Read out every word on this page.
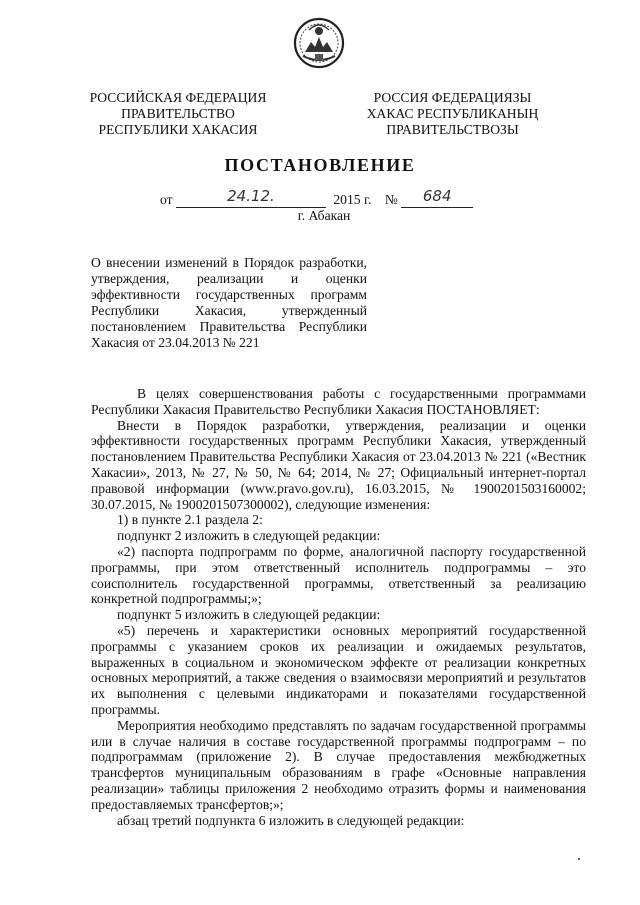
РОССИЙСКАЯ ФЕДЕРАЦИЯ
ПРАВИТЕЛЬСТВО
РЕСПУБЛИКИ ХАКАСИЯ
РОССИЯ ФЕДЕРАЦИЯЗЫ
ХАКАС РЕСПУБЛИКАНЫҢ
ПРАВИТЕЛЬСТВОЗЫ
ПОСТАНОВЛЕНИЕ
от	24.12.	2015 г. № 684
г. Абакан
О внесении изменений в Порядок разработки, утверждения, реализации и оценки эффективности государственных программ Республики Хакасия, утвержденный постановлением Правительства Республики Хакасия от 23.04.2013 № 221

В целях совершенствования работы с государственными программами Республики Хакасия Правительство Республики Хакасия ПОСТАНОВЛЯЕТ:

Внести в Порядок разработки, утверждения, реализации и оценки эффективности государственных программ Республики Хакасия, утвержденный постановлением Правительства Республики Хакасия от 23.04.2013 № 221 («Вестник Хакасии», 2013, № 27, № 50, № 64; 2014, № 27; Официальный интернет-портал правовой информации (www.pravo.gov.ru), 16.03.2015, № 1900201503160002; 30.07.2015, № 1900201507300002), следующие изменения:

1) в пункте 2.1 раздела 2:

подпункт 2 изложить в следующей редакции:

«2) паспорта подпрограмм по форме, аналогичной паспорту государственной программы, при этом ответственный исполнитель подпрограммы – это соисполнитель государственной программы, ответственный за реализацию конкретной подпрограммы;»;

подпункт 5 изложить в следующей редакции:

«5) перечень и характеристики основных мероприятий государственной программы с указанием сроков их реализации и ожидаемых результатов, выраженных в социальном и экономическом эффекте от реализации конкретных основных мероприятий, а также сведения о взаимосвязи мероприятий и результатов их выполнения с целевыми индикаторами и показателями государственной программы.

Мероприятия необходимо представлять по задачам государственной программы или в случае наличия в составе государственной программы подпрограмм – по подпрограммам (приложение 2). В случае предоставления межбюджетных трансфертов муниципальным образованиям в графе «Основные направления реализации» таблицы приложения 2 необходимо отразить формы и наименования предоставляемых трансфертов;»;

абзац третий подпункта 6 изложить в следующей редакции:
